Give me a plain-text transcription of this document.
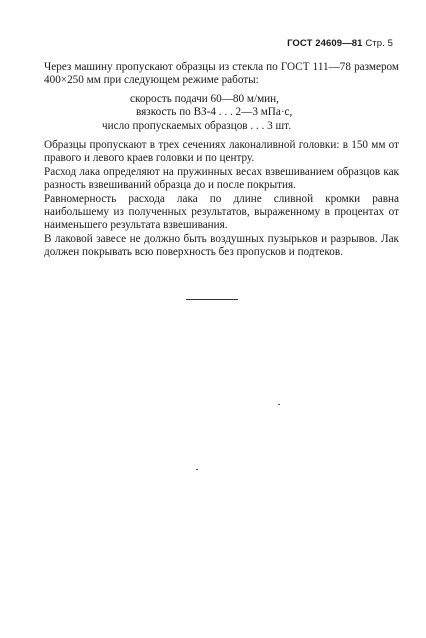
ГОСТ 24609—81 Стр. 5

Через машину пропускают образцы из стекла по ГОСТ 111—78 размером 400×250 мм при следующем режиме работы:

скорость подачи 60—80 м/мин,
вязкость по ВЗ-4 . . . 2—3 мПа·с,
число пропускаемых образцов . . . 3 шт.

Образцы пропускают в трех сечениях лаконаливной головки: в 150 мм от правого и левого краев головки и по центру.

Расход лака определяют на пружинных весах взвешиванием образцов как разность взвешиваний образца до и после покрытия.

Равномерность расхода лака по длине сливной кромки равна наибольшему из полученных результатов, выраженному в процентах от наименьшего результата взвешивания.

В лаковой завесе не должно быть воздушных пузырьков и разрывов. Лак должен покрывать всю поверхность без пропусков и подтеков.
